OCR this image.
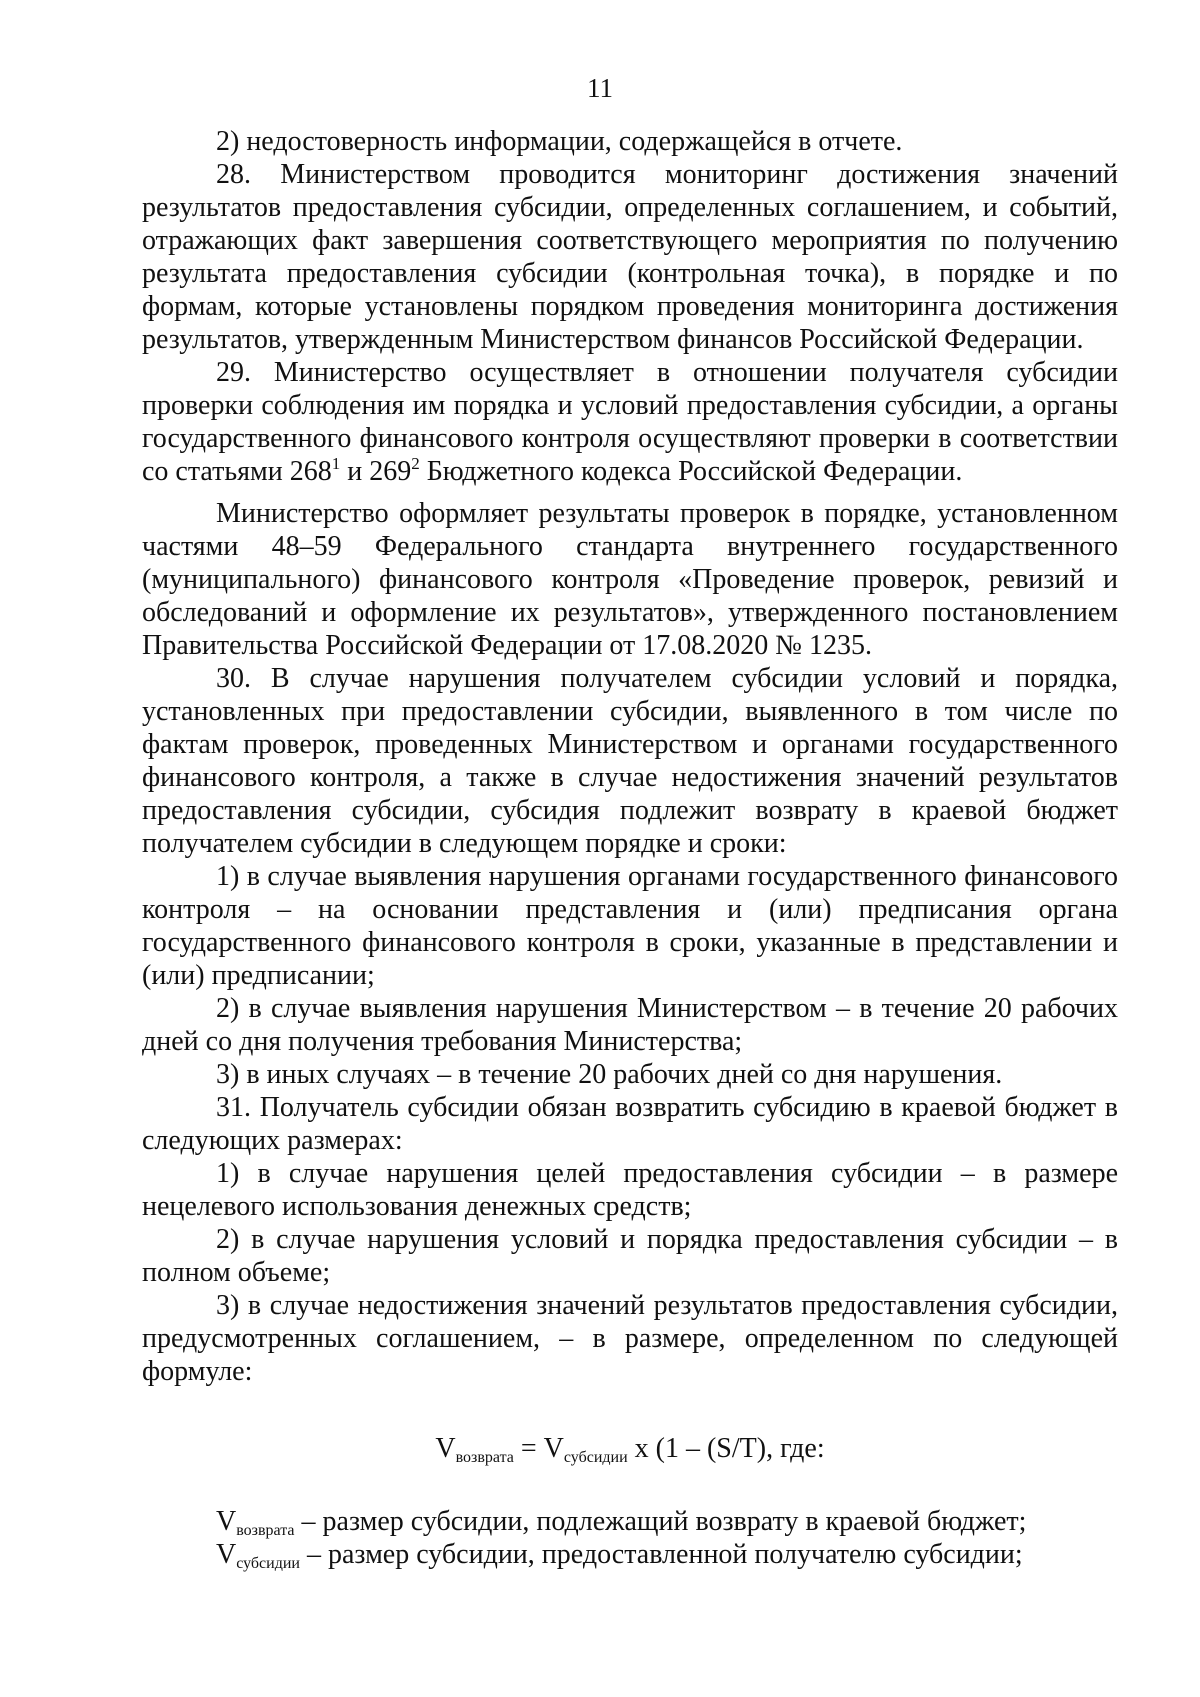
11

2) недостоверность информации, содержащейся в отчете.

28. Министерством проводится мониторинг достижения значений результатов предоставления субсидии, определенных соглашением, и событий, отражающих факт завершения соответствующего мероприятия по получению результата предоставления субсидии (контрольная точка), в порядке и по формам, которые установлены порядком проведения мониторинга достижения результатов, утвержденным Министерством финансов Российской Федерации.

29. Министерство осуществляет в отношении получателя субсидии проверки соблюдения им порядка и условий предоставления субсидии, а органы государственного финансового контроля осуществляют проверки в соответствии со статьями $268^1$ и $269^2$ Бюджетного кодекса Российской Федерации.

Министерство оформляет результаты проверок в порядке, установленном частями 48–59 Федерального стандарта внутреннего государственного (муниципального) финансового контроля «Проведение проверок, ревизий и обследований и оформление их результатов», утвержденного постановлением Правительства Российской Федерации от 17.08.2020 № 1235.

30. В случае нарушения получателем субсидии условий и порядка, установленных при предоставлении субсидии, выявленного в том числе по фактам проверок, проведенных Министерством и органами государственного финансового контроля, а также в случае недостижения значений результатов предоставления субсидии, субсидия подлежит возврату в краевой бюджет получателем субсидии в следующем порядке и сроки:

1) в случае выявления нарушения органами государственного финансового контроля – на основании представления и (или) предписания органа государственного финансового контроля в сроки, указанные в представлении и (или) предписании;

2) в случае выявления нарушения Министерством – в течение 20 рабочих дней со дня получения требования Министерства;

3) в иных случаях – в течение 20 рабочих дней со дня нарушения.

31. Получатель субсидии обязан возвратить субсидию в краевой бюджет в следующих размерах:

1) в случае нарушения целей предоставления субсидии – в размере нецелевого использования денежных средств;

2) в случае нарушения условий и порядка предоставления субсидии – в полном объеме;

3) в случае недостижения значений результатов предоставления субсидии, предусмотренных соглашением, – в размере, определенном по следующей формуле:

$V_{возврата} = V_{субсидии}$ x (1 – (S/T), где:

$V_{возврата}$ – размер субсидии, подлежащий возврату в краевой бюджет;

$V_{субсидии}$ – размер субсидии, предоставленной получателю субсидии;
